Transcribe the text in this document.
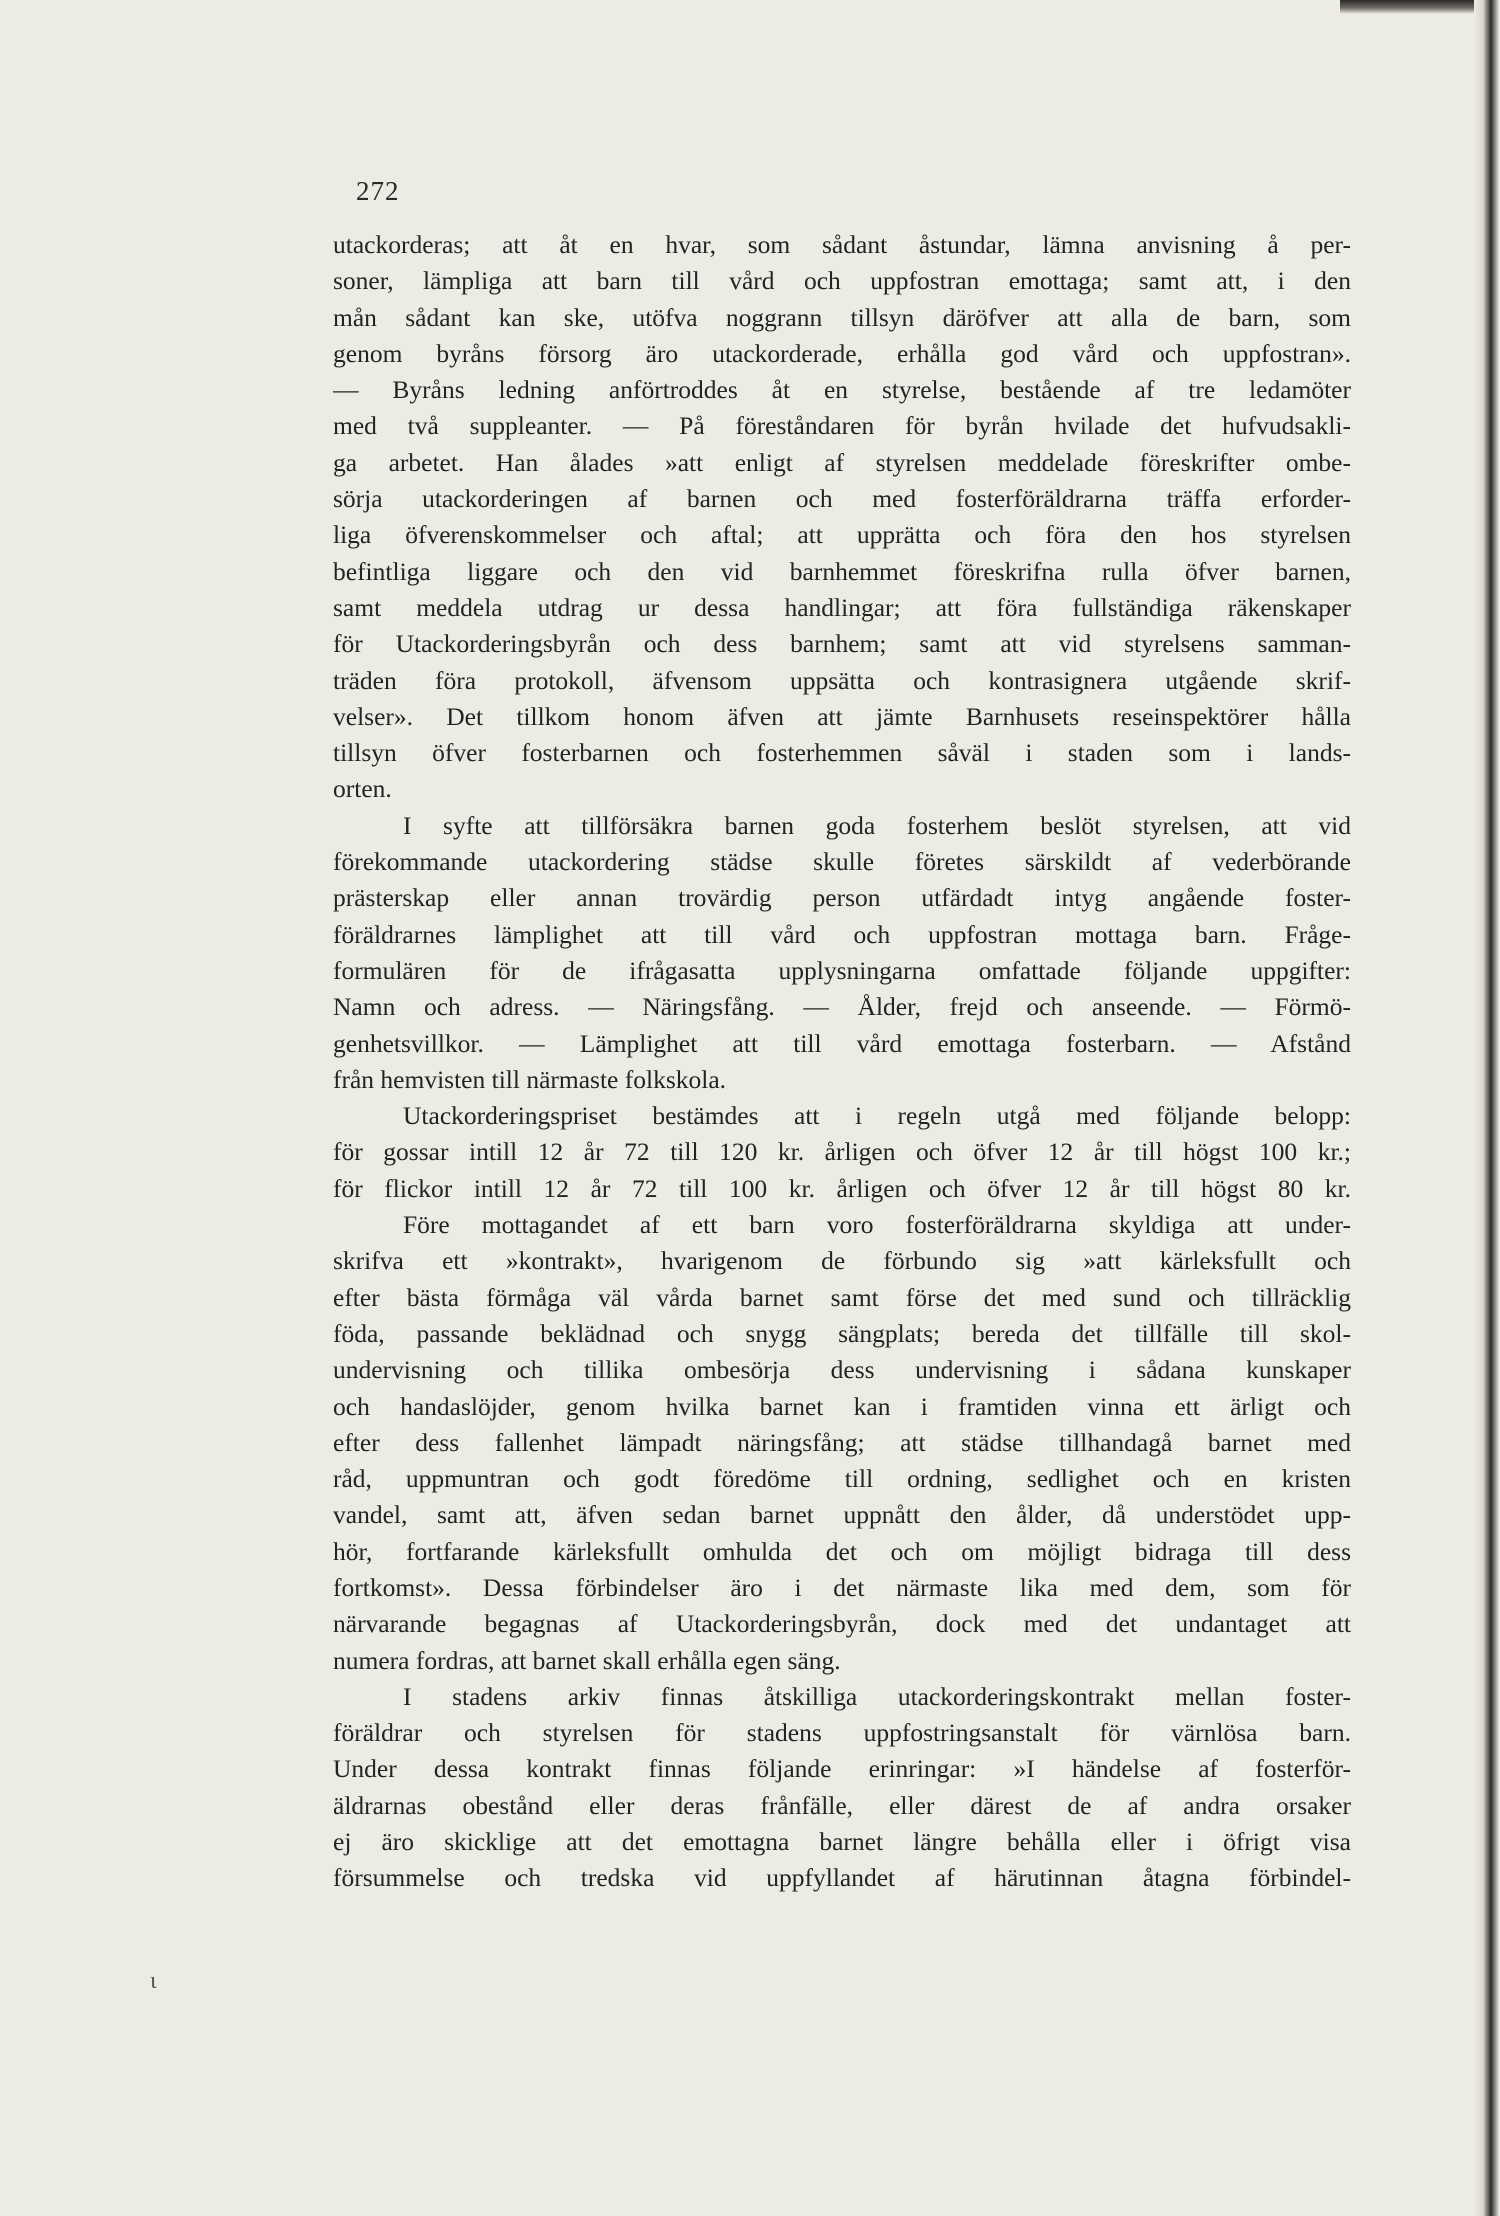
272
utackorderas; att åt en hvar, som sådant åstundar, lämna anvisning å per-
soner, lämpliga att barn till vård och uppfostran emottaga; samt att, i den
mån sådant kan ske, utöfva noggrann tillsyn däröfver att alla de barn, som
genom byråns försorg äro utackorderade, erhålla god vård och uppfostran».
— Byråns ledning anförtroddes åt en styrelse, bestående af tre ledamöter
med två suppleanter. — På föreståndaren för byrån hvilade det hufvudsakli-
ga arbetet. Han ålades »att enligt af styrelsen meddelade föreskrifter ombe-
sörja utackorderingen af barnen och med fosterföräldrarna träffa erforder-
liga öfverenskommelser och aftal; att upprätta och föra den hos styrelsen
befintliga liggare och den vid barnhemmet föreskrifna rulla öfver barnen,
samt meddela utdrag ur dessa handlingar; att föra fullständiga räkenskaper
för Utackorderingsbyrån och dess barnhem; samt att vid styrelsens samman-
träden föra protokoll, äfvensom uppsätta och kontrasignera utgående skrif-
velser». Det tillkom honom äfven att jämte Barnhusets reseinspektörer hålla
tillsyn öfver fosterbarnen och fosterhemmen såväl i staden som i lands-
orten.
I syfte att tillförsäkra barnen goda fosterhem beslöt styrelsen, att vid
förekommande utackordering städse skulle företes särskildt af vederbörande
prästerskap eller annan trovärdig person utfärdadt intyg angående foster-
föräldrarnes lämplighet att till vård och uppfostran mottaga barn. Fråge-
formulären för de ifrågasatta upplysningarna omfattade följande uppgifter:
Namn och adress. — Näringsfång. — Ålder, frejd och anseende. — Förmö-
genhetsvillkor. — Lämplighet att till vård emottaga fosterbarn. — Afstånd
från hemvisten till närmaste folkskola.
Utackorderingspriset bestämdes att i regeln utgå med följande belopp:
för gossar intill 12 år 72 till 120 kr. årligen och öfver 12 år till högst 100 kr.;
för flickor intill 12 år 72 till 100 kr. årligen och öfver 12 år till högst 80 kr.
Före mottagandet af ett barn voro fosterföräldrarna skyldiga att under-
skrifva ett »kontrakt», hvarigenom de förbundo sig »att kärleksfullt och
efter bästa förmåga väl vårda barnet samt förse det med sund och tillräcklig
föda, passande beklädnad och snygg sängplats; bereda det tillfälle till skol-
undervisning och tillika ombesörja dess undervisning i sådana kunskaper
och handaslöjder, genom hvilka barnet kan i framtiden vinna ett ärligt och
efter dess fallenhet lämpadt näringsfång; att städse tillhandagå barnet med
råd, uppmuntran och godt föredöme till ordning, sedlighet och en kristen
vandel, samt att, äfven sedan barnet uppnått den ålder, då understödet upp-
hör, fortfarande kärleksfullt omhulda det och om möjligt bidraga till dess
fortkomst». Dessa förbindelser äro i det närmaste lika med dem, som för
närvarande begagnas af Utackorderingsbyrån, dock med det undantaget att
numera fordras, att barnet skall erhålla egen säng.
I stadens arkiv finnas åtskilliga utackorderingskontrakt mellan foster-
föräldrar och styrelsen för stadens uppfostringsanstalt för värnlösa barn.
Under dessa kontrakt finnas följande erinringar: »I händelse af fosterför-
äldrarnas obestånd eller deras frånfälle, eller därest de af andra orsaker
ej äro skicklige att det emottagna barnet längre behålla eller i öfrigt visa
försummelse och tredska vid uppfyllandet af härutinnan åtagna förbindel-
ɩ
